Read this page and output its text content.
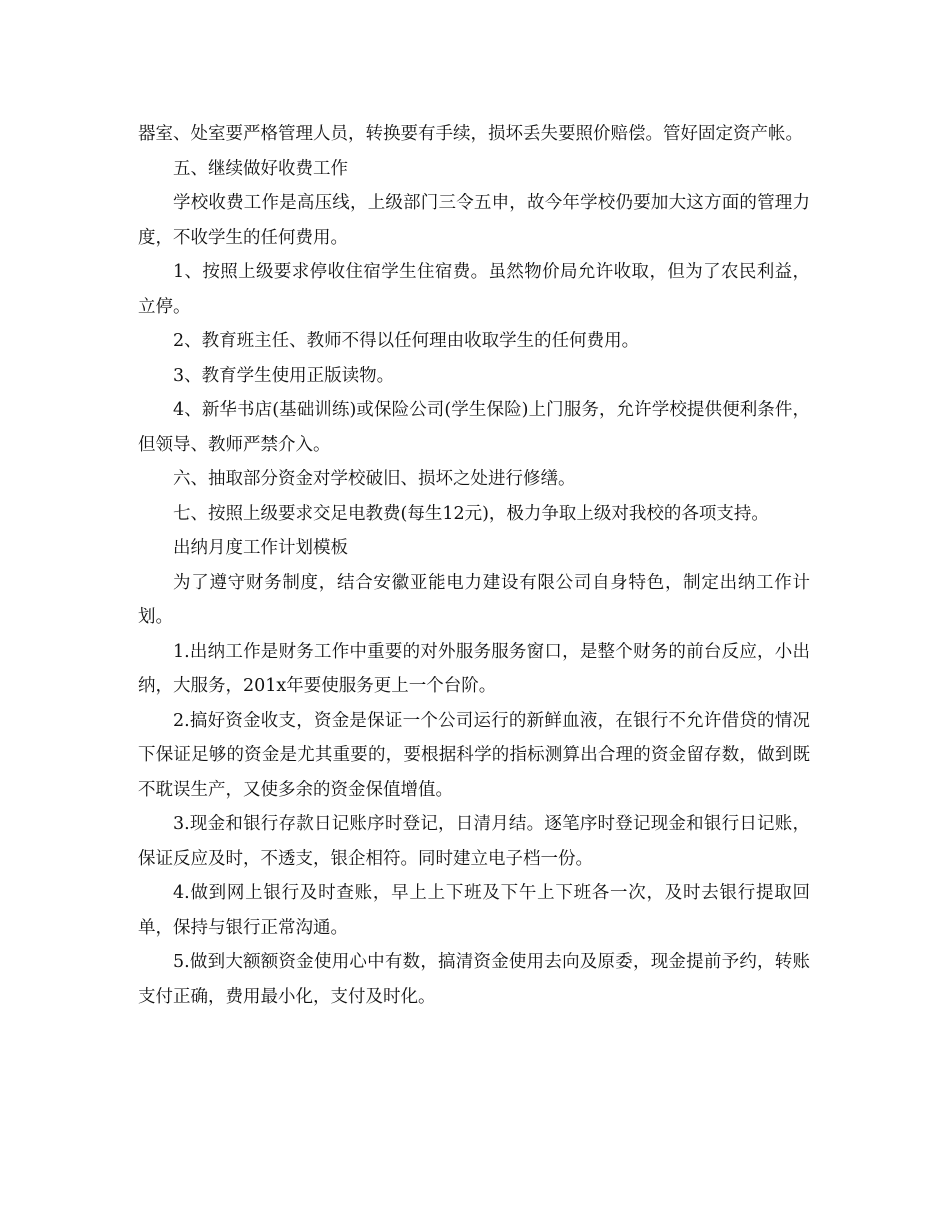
器室、处室要严格管理人员，转换要有手续，损坏丢失要照价赔偿。管好固定资产帐。

五、继续做好收费工作

学校收费工作是高压线，上级部门三令五申，故今年学校仍要加大这方面的管理力度，不收学生的任何费用。

1、按照上级要求停收住宿学生住宿费。虽然物价局允许收取，但为了农民利益，立停。

2、教育班主任、教师不得以任何理由收取学生的任何费用。

3、教育学生使用正版读物。

4、新华书店(基础训练)或保险公司(学生保险)上门服务，允许学校提供便利条件，但领导、教师严禁介入。

六、抽取部分资金对学校破旧、损坏之处进行修缮。

七、按照上级要求交足电教费(每生12元)，极力争取上级对我校的各项支持。

出纳月度工作计划模板

为了遵守财务制度，结合安徽亚能电力建设有限公司自身特色，制定出纳工作计划。

1.出纳工作是财务工作中重要的对外服务服务窗口，是整个财务的前台反应，小出纳，大服务，201x年要使服务更上一个台阶。

2.搞好资金收支，资金是保证一个公司运行的新鲜血液，在银行不允许借贷的情况下保证足够的资金是尤其重要的，要根据科学的指标测算出合理的资金留存数，做到既不耽误生产，又使多余的资金保值增值。

3.现金和银行存款日记账序时登记，日清月结。逐笔序时登记现金和银行日记账，保证反应及时，不透支，银企相符。同时建立电子档一份。

4.做到网上银行及时查账，早上上下班及下午上下班各一次，及时去银行提取回单，保持与银行正常沟通。

5.做到大额额资金使用心中有数，搞清资金使用去向及原委，现金提前予约，转账支付正确，费用最小化，支付及时化。
